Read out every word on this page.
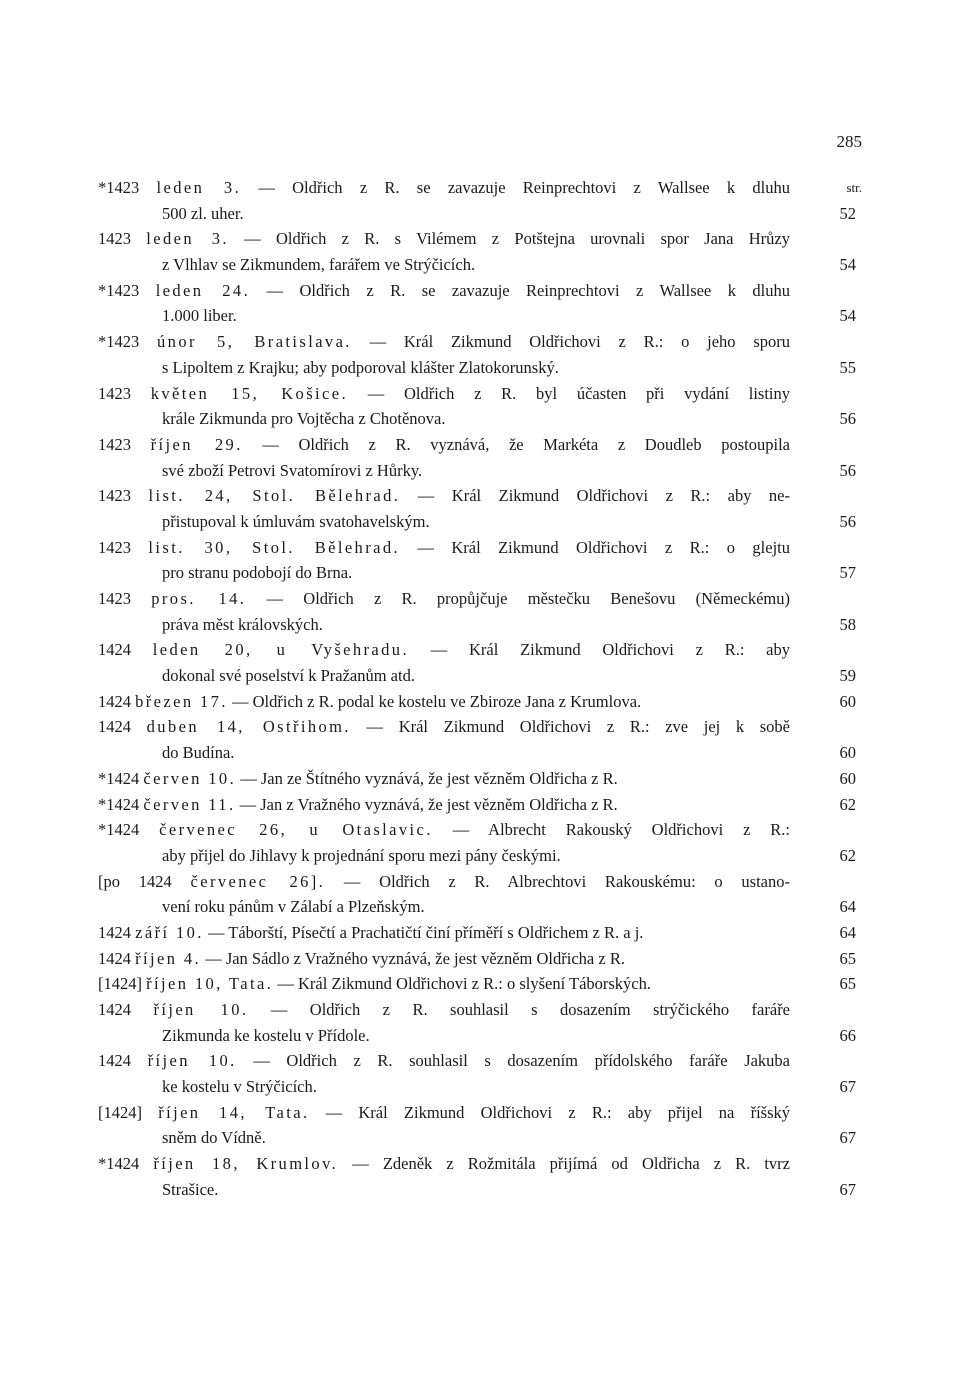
285
str.
*1423 leden 3. — Oldřich z R. se zavazuje Reinprechtovi z Wallsee k dluhu
500 zl. uher.	52
1423 leden 3. — Oldřich z R. s Vilémem z Potštejna urovnali spor Jana Hrůzy
z Vlhlav se Zikmundem, farářem ve Strýčicích.	54
*1423 leden 24. — Oldřich z R. se zavazuje Reinprechtovi z Wallsee k dluhu
1.000 liber.	54
*1423 únor 5, Bratislava. — Král Zikmund Oldřichovi z R.: o jeho sporu
s Lipoltem z Krajku; aby podporoval klášter Zlatokorunský.	55
1423 květen 15, Košice. — Oldřich z R. byl účasten při vydání listiny
krále Zikmunda pro Vojtěcha z Chotěnova.	56
1423 říjen 29. — Oldřich z R. vyznává, že Markéta z Doudleb postoupila
své zboží Petrovi Svatomírovi z Hůrky.	56
1423 list. 24, Stol. Bělehrad. — Král Zikmund Oldřichovi z R.: aby ne-
přistupoval k úmluvám svatohavelským.	56
1423 list. 30, Stol. Bělehrad. — Král Zikmund Oldřichovi z R.: o glejtu
pro stranu podobojí do Brna.	57
1423 pros. 14. — Oldřich z R. propůjčuje městečku Benešovu (Německému)
práva měst královských.	58
1424 leden 20, u Vyšehradu. — Král Zikmund Oldřichovi z R.: aby
dokonal své poselství k Pražanům atd.	59
1424 březen 17. — Oldřich z R. podal ke kostelu ve Zbiroze Jana z Krumlova.	60
1424 duben 14, Ostřihom. — Král Zikmund Oldřichovi z R.: zve jej k sobě
do Budína.	60
*1424 červen 10. — Jan ze Štítného vyznává, že jest vězněm Oldřicha z R.	60
*1424 červen 11. — Jan z Vražného vyznává, že jest vězněm Oldřicha z R.	62
*1424 červenec 26, u Otaslavic. — Albrecht Rakouský Oldřichovi z R.:
aby přijel do Jihlavy k projednání sporu mezi pány českými.	62
[po 1424 červenec 26]. — Oldřich z R. Albrechtovi Rakouskému: o ustano-
vení roku pánům v Zálabí a Plzeňským.	64
1424 září 10. — Táborští, Písečtí a Prachatičtí činí příměří s Oldřichem z R. a j.	64
1424 říjen 4. — Jan Sádlo z Vražného vyznává, že jest vězněm Oldřicha z R.	65
[1424] říjen 10, Tata. — Král Zikmund Oldřichovi z R.: o slyšení Táborských.	65
1424 říjen 10. — Oldřich z R. souhlasil s dosazením strýčického faráře
Zikmunda ke kostelu v Přídole.	66
1424 říjen 10. — Oldřich z R. souhlasil s dosazením přídolského faráře Jakuba
ke kostelu v Strýčicích.	67
[1424] říjen 14, Tata. — Král Zikmund Oldřichovi z R.: aby přijel na říšský
sněm do Vídně.	67
*1424 říjen 18, Krumlov. — Zdeněk z Rožmitála přijímá od Oldřicha z R. tvrz
Strašice.	67
